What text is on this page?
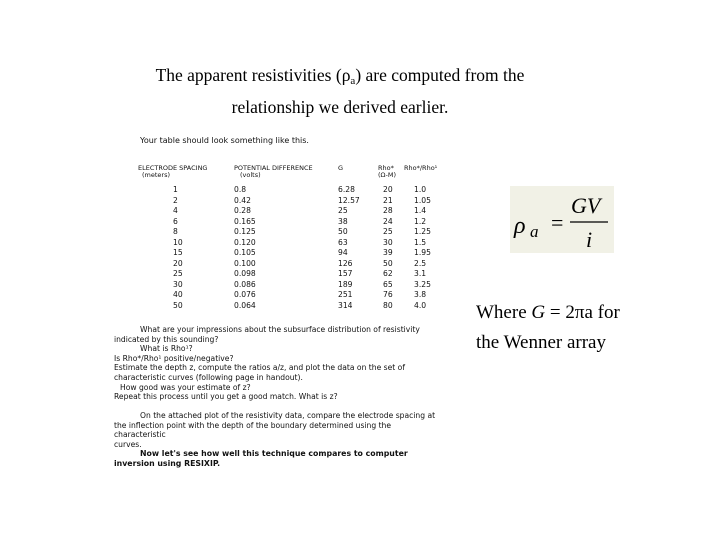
The apparent resistivities $(\rho_a)$ are computed from the
relationship we derived earlier.
Your table should look something like this.
ELECTRODE SPACING
(meters)
1
2
4
6
8
10
15
20
25
30
40
50
POTENTIAL DIFFERENCE
(volts)
0.8
0.42
0.28
0.165
0.125
0.120
0.105
0.100
0.098
0.086
0.076
0.064
G
6.28
12.57
25
38
50
63
94
126
157
189
251
314
Rho*
(Ω-M)
20
21
28
24
25
30
39
50
62
65
76
80
Rho*/Rho¹
1.0
1.05
1.4
1.2
1.25
1.5
1.95
2.5
3.1
3.25
3.8
4.0
ρ a =
GV
i
Where G = 2πa for
the Wenner array
What are your impressions about the subsurface distribution of resistivity
indicated by this sounding?
What is Rho¹?
Is Rho*/Rho¹ positive/negative?
Estimate the depth z, compute the ratios a/z, and plot the data on the set of
characteristic curves (following page in handout).
How good was your estimate of z?
Repeat this process until you get a good match. What is z?
On the attached plot of the resistivity data, compare the electrode spacing at
the inflection point with the depth of the boundary determined using the characteristic
curves.
Now let's see how well this technique compares to computer
inversion using RESIXIP.
